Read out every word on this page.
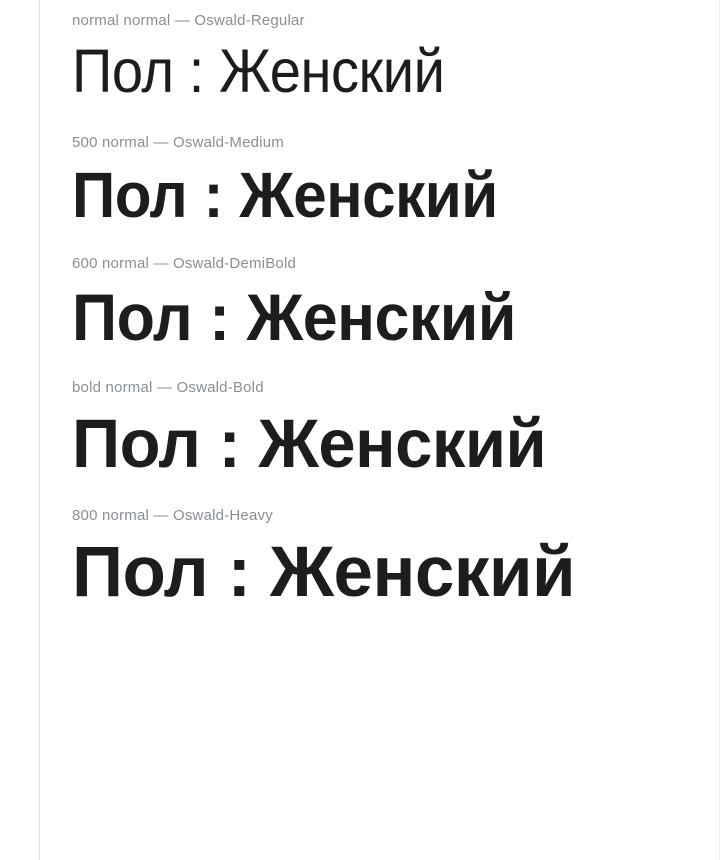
normal normal — Oswald-Regular
Пол : Женский
500 normal — Oswald-Medium
Пол : Женский
600 normal — Oswald-DemiBold
Пол : Женский
bold normal — Oswald-Bold
Пол : Женский
800 normal — Oswald-Heavy
Пол : Женский
